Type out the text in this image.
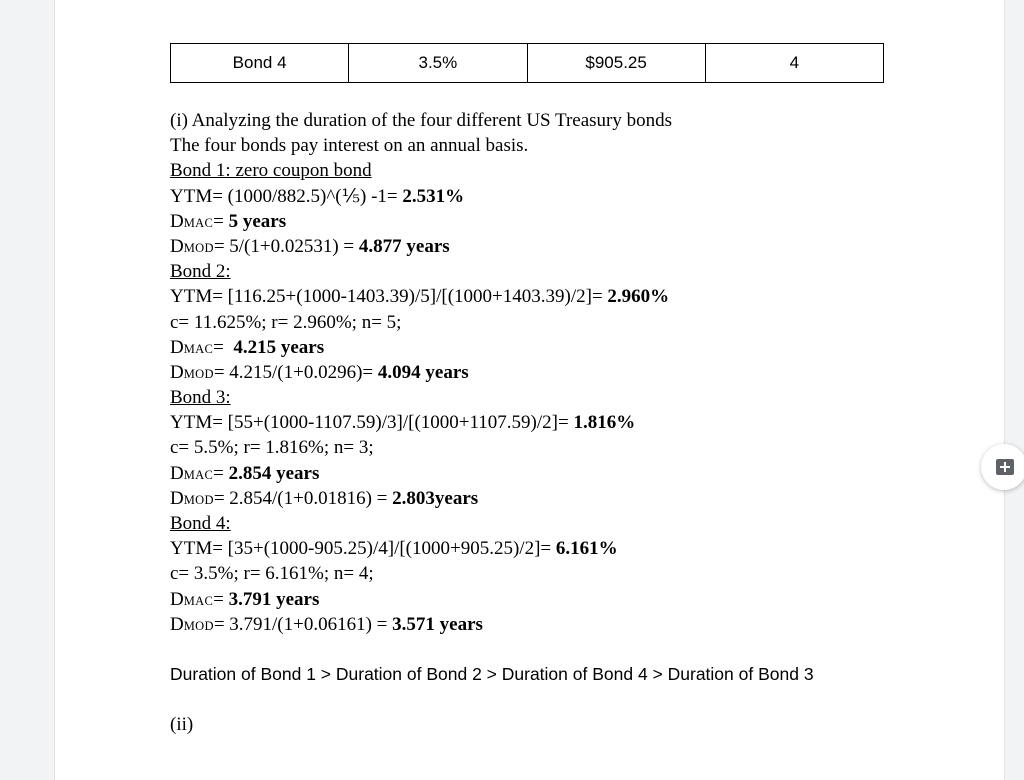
Bond 4	3.5%	$905.25	4
(i) Analyzing the duration of the four different US Treasury bonds
The four bonds pay interest on an annual basis.
Bond 1: zero coupon bond
YTM= (1000/882.5)^(⅕) -1= 2.531%
DMAC= 5 years
DMOD= 5/(1+0.02531) = 4.877 years
Bond 2:
YTM= [116.25+(1000-1403.39)/5]/[(1000+1403.39)/2]= 2.960%
c= 11.625%; r= 2.960%; n= 5;
DMAC=  4.215 years
DMOD= 4.215/(1+0.0296)= 4.094 years
Bond 3:
YTM= [55+(1000-1107.59)/3]/[(1000+1107.59)/2]= 1.816%
c= 5.5%; r= 1.816%; n= 3;
DMAC= 2.854 years
DMOD= 2.854/(1+0.01816) = 2.803years
Bond 4:
YTM= [35+(1000-905.25)/4]/[(1000+905.25)/2]= 6.161%
c= 3.5%; r= 6.161%; n= 4;
DMAC= 3.791 years
DMOD= 3.791/(1+0.06161) = 3.571 years
Duration of Bond 1 > Duration of Bond 2 > Duration of Bond 4 > Duration of Bond 3
(ii)
